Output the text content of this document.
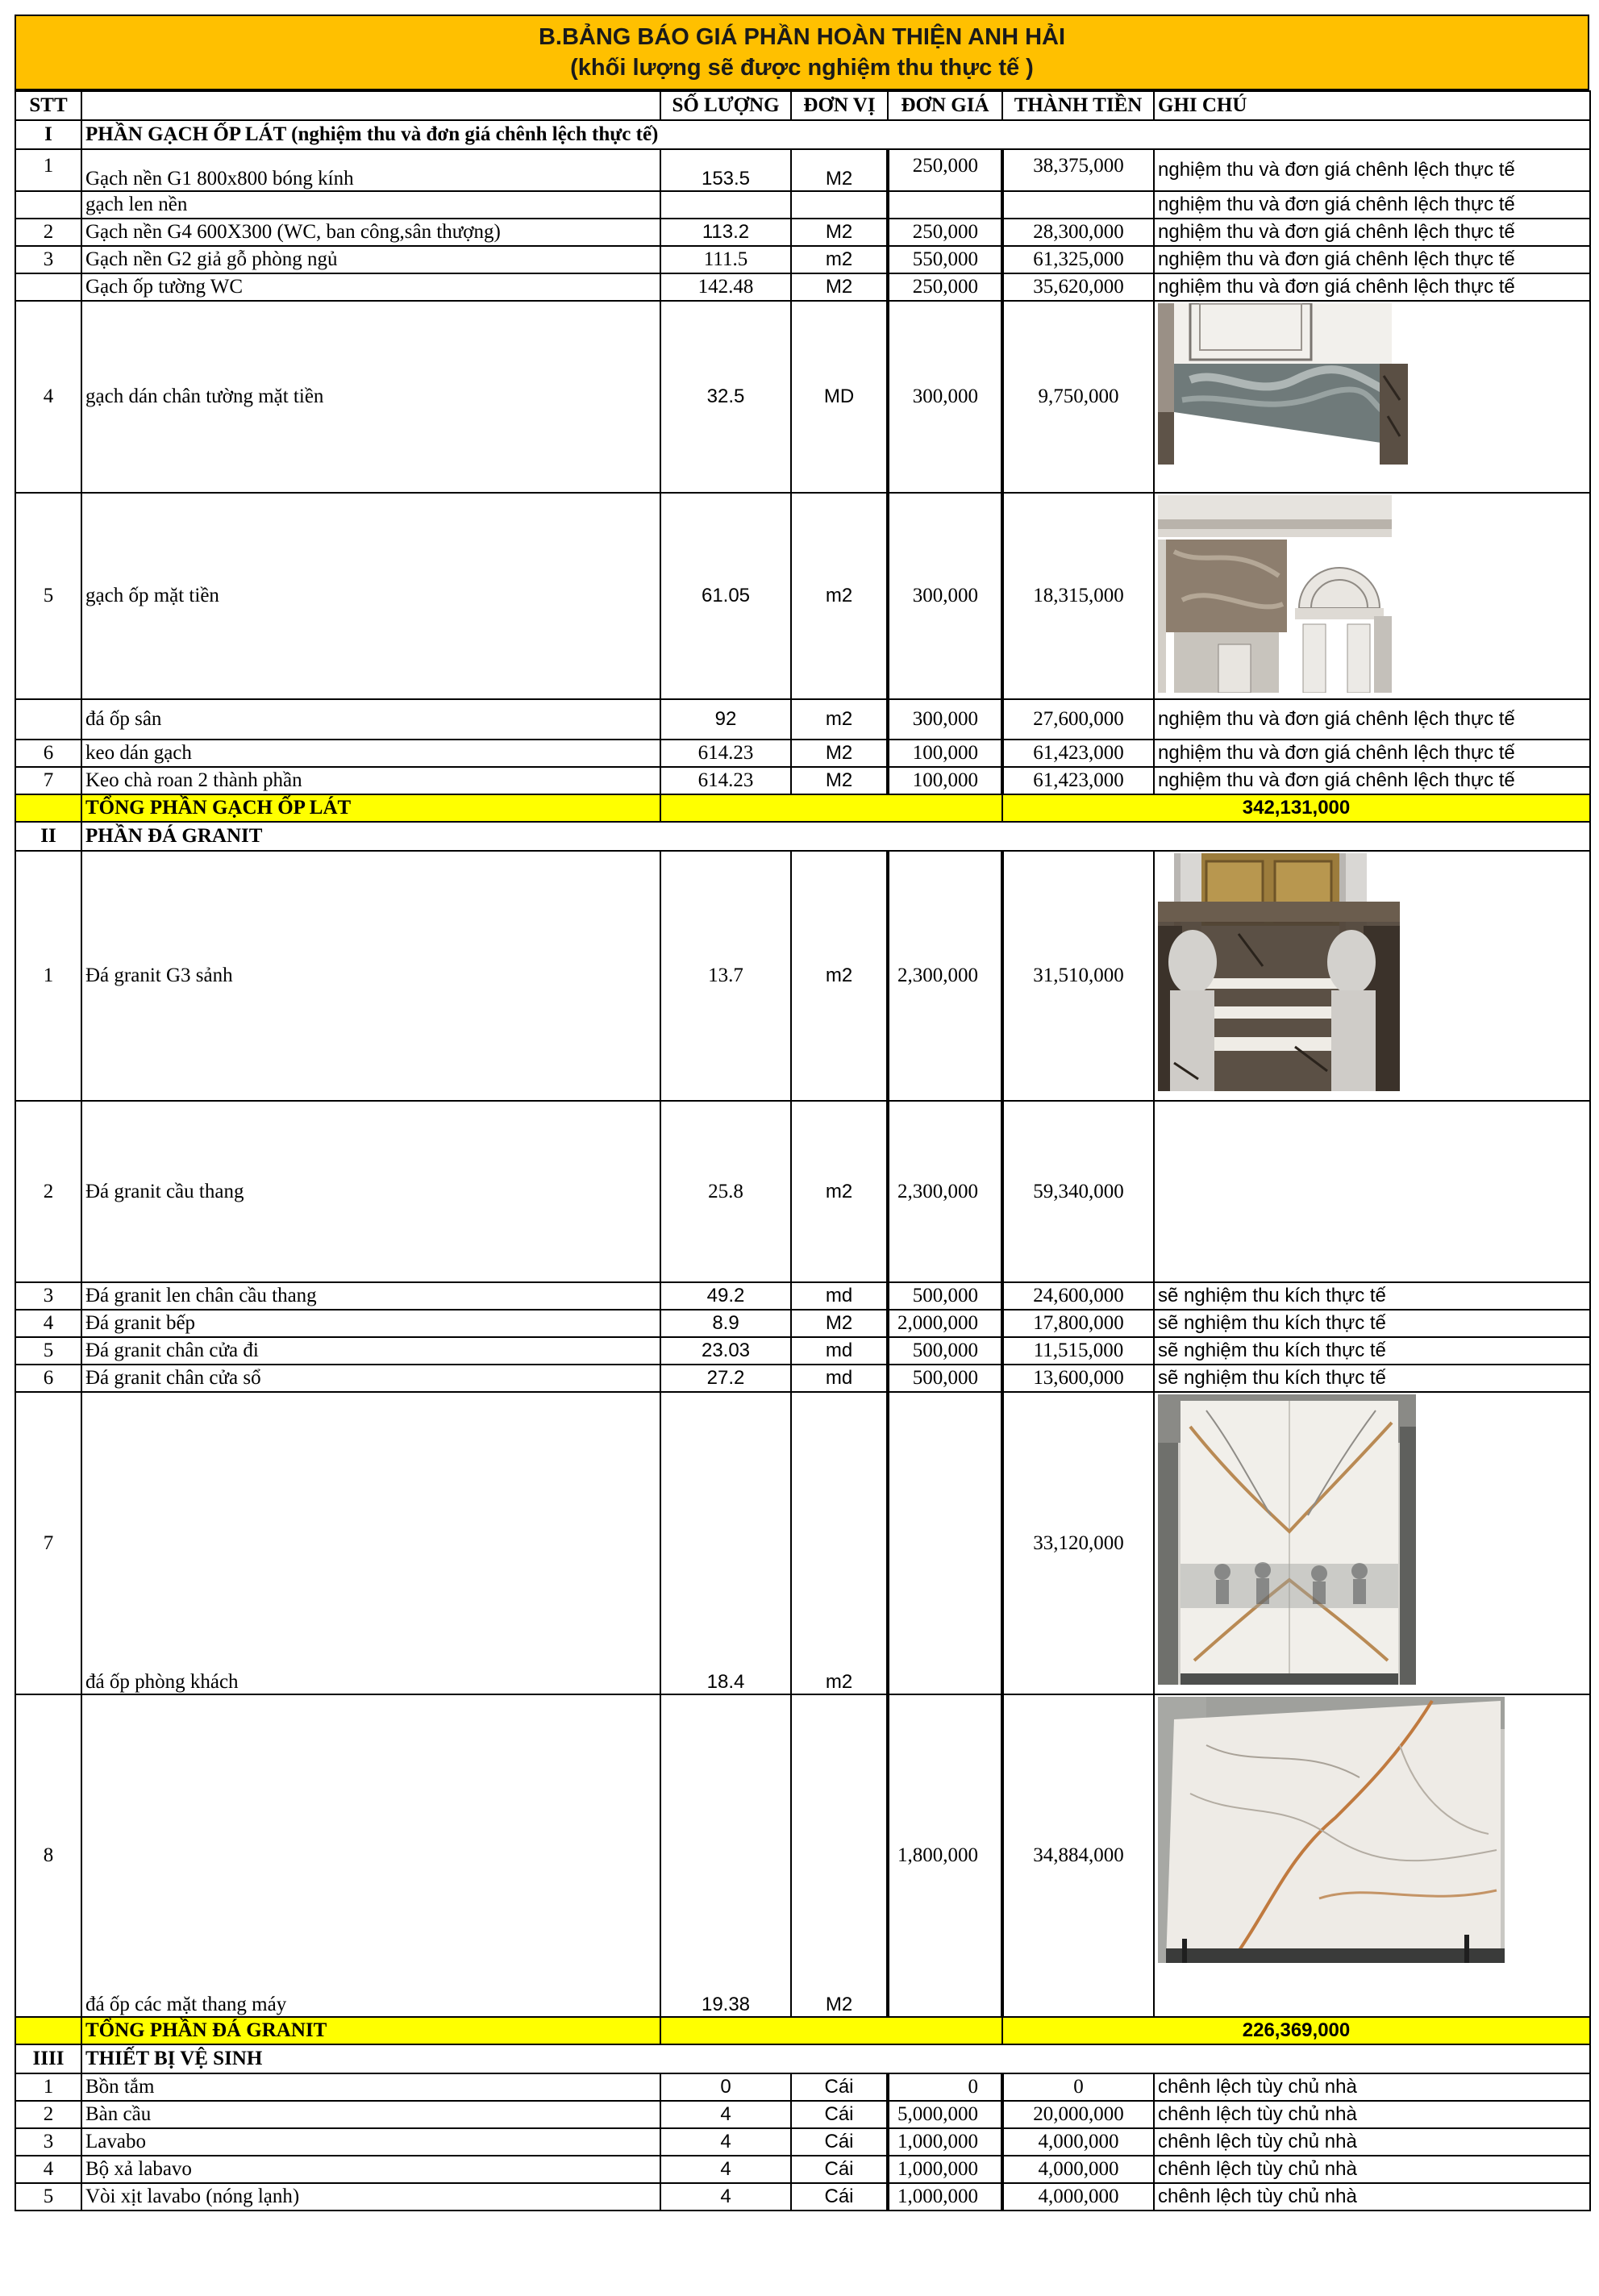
B.BẢNG BÁO GIÁ PHẦN HOÀN THIỆN ANH HẢI
(khối lượng sẽ được nghiệm thu thực tế )
STT		SỐ LƯỢNG	ĐƠN VỊ	ĐƠN GIÁ	THÀNH TIỀN	GHI CHÚ
I	PHẦN GẠCH ỐP LÁT (nghiệm thu và đơn giá chênh lệch thực tế)					
1	Gạch nền G1 800x800 bóng kính	153.5	M2	250,000	38,375,000	nghiệm thu và đơn giá chênh lệch thực tế
	gạch len nền					nghiệm thu và đơn giá chênh lệch thực tế
2	Gạch nền G4 600X300 (WC, ban công,sân thượng)	113.2	M2	250,000	28,300,000	nghiệm thu và đơn giá chênh lệch thực tế
3	Gạch nền G2 giả gỗ phòng ngủ	111.5	m2	550,000	61,325,000	nghiệm thu và đơn giá chênh lệch thực tế
	Gạch ốp tường WC	142.48	M2	250,000	35,620,000	nghiệm thu và đơn giá chênh lệch thực tế
4	gạch dán chân tường mặt tiền	32.5	MD	300,000	9,750,000	

5	gạch ốp mặt tiền	61.05	m2	300,000	18,315,000	

	đá ốp sân	92	m2	300,000	27,600,000	nghiệm thu và đơn giá chênh lệch thực tế
6	keo dán gạch	614.23	M2	100,000	61,423,000	nghiệm thu và đơn giá chênh lệch thực tế
7	Keo chà roan 2 thành phần	614.23	M2	100,000	61,423,000	nghiệm thu và đơn giá chênh lệch thực tế
	TỔNG PHẦN GẠCH ỐP LÁT				342,131,000	
II	PHẦN ĐÁ GRANIT					
1	Đá granit G3 sảnh	13.7	m2	2,300,000	31,510,000	

2	Đá granit cầu thang	25.8	m2	2,300,000	59,340,000	
3	Đá granit len chân cầu thang	49.2	md	500,000	24,600,000	sẽ nghiệm thu kích thực tế
4	Đá granit bếp	8.9	M2	2,000,000	17,800,000	sẽ nghiệm thu kích thực tế
5	Đá granit chân cửa đi	23.03	md	500,000	11,515,000	sẽ nghiệm thu kích thực tế
6	Đá granit chân cửa sổ	27.2	md	500,000	13,600,000	sẽ nghiệm thu kích thực tế
7	đá ốp phòng khách	18.4	m2		33,120,000	

8	đá ốp các mặt thang máy	19.38	M2	1,800,000	34,884,000	

	TỔNG PHẦN ĐÁ GRANIT				226,369,000	
IIII	THIẾT BỊ VỆ SINH					
1	Bồn tắm	0	Cái	0	0	chênh lệch tùy chủ nhà
2	Bàn cầu	4	Cái	5,000,000	20,000,000	chênh lệch tùy chủ nhà
3	Lavabo	4	Cái	1,000,000	4,000,000	chênh lệch tùy chủ nhà
4	Bộ xả labavo	4	Cái	1,000,000	4,000,000	chênh lệch tùy chủ nhà
5	Vòi xịt lavabo (nóng lạnh)	4	Cái	1,000,000	4,000,000	chênh lệch tùy chủ nhà
